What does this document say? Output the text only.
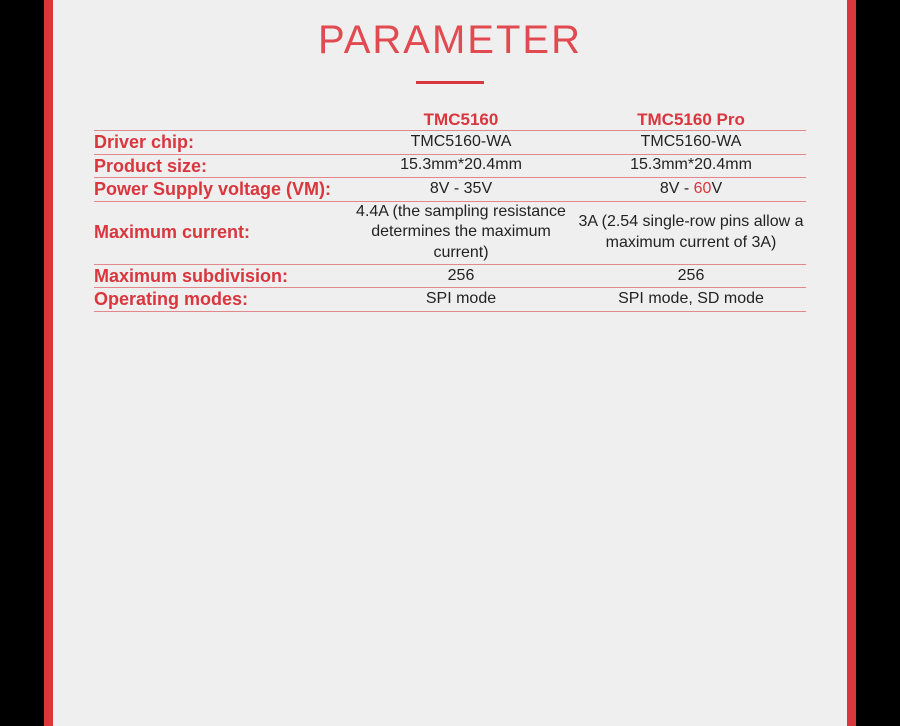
PARAMETER
	TMC5160	TMC5160 Pro
Driver chip:	TMC5160-WA	TMC5160-WA
Product size:	15.3mm*20.4mm	15.3mm*20.4mm
Power Supply voltage (VM):	8V - 35V	8V - 60V
Maximum current:	4.4A (the sampling resistance determines the maximum current)	3A (2.54 single-row pins allow a maximum current of 3A)
Maximum subdivision:	256	256
Operating modes:	SPI mode	SPI mode, SD mode
